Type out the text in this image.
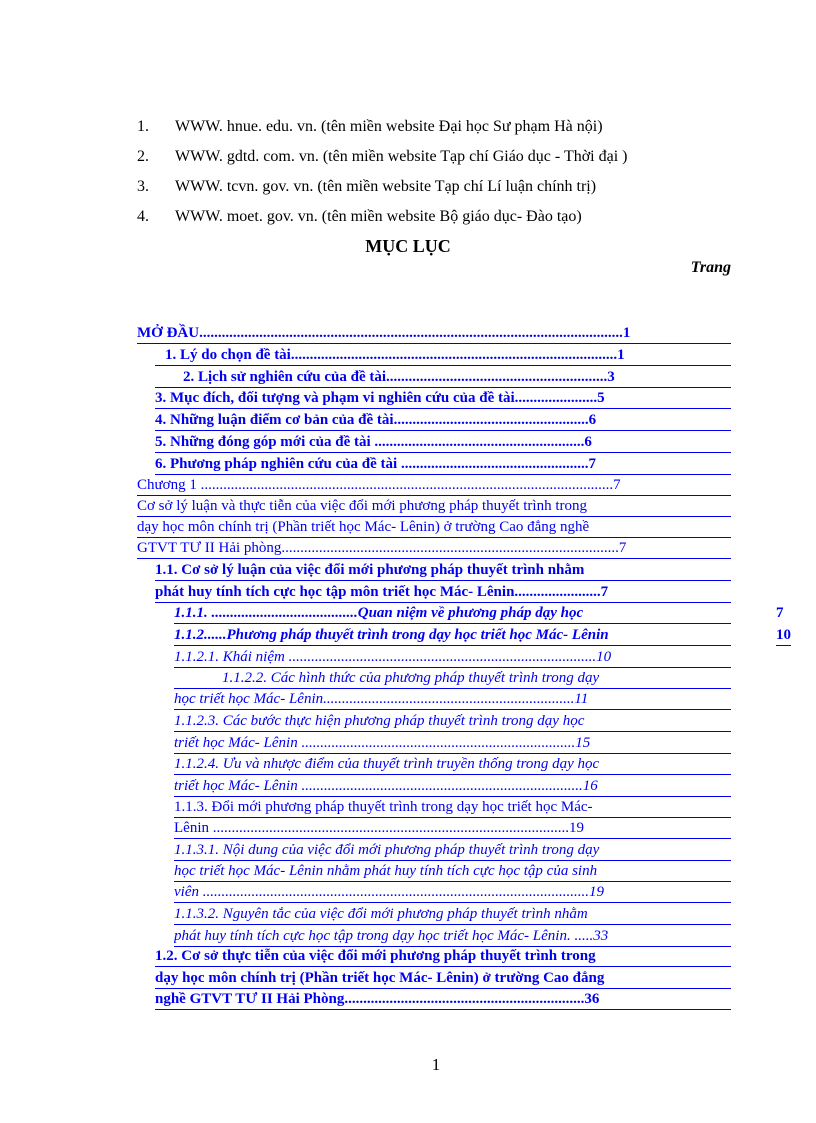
1.	WWW. hnue. edu. vn. (tên miền website Đại học Sư phạm Hà nội)
2.	WWW. gdtd. com. vn. (tên miền website Tạp chí Giáo dục - Thời đại )
3.	WWW. tcvn. gov. vn. (tên miền website Tạp chí Lí luận chính trị)
4.	WWW. moet. gov. vn. (tên miền website Bộ giáo dục- Đào tạo)
MỤC LỤC
Trang
MỞ ĐẦU.................................................................................................................1
1. Lý do chọn đề tài.......................................................................................1
2. Lịch sử nghiên cứu của đề tài...........................................................3
3. Mục đích, đối tượng và phạm vi nghiên cứu của đề tài......................5
4. Những luận điểm cơ bản của đề tài....................................................6
5. Những đóng góp mới của đề tài ........................................................6
6. Phương pháp nghiên cứu của đề tài ..................................................7
Chương 1 ..............................................................................................................7
Cơ sở lý luận và thực tiễn của việc đổi mới phương pháp thuyết trình trong
dạy học môn chính trị (Phần triết học Mác- Lênin) ở trường Cao đẳng nghề
GTVT TƯ II Hải phòng..........................................................................................7
1.1. Cơ sở lý luận của việc đổi mới phương pháp thuyết trình nhằm
phát huy tính tích cực học tập môn triết học Mác- Lênin.......................7
1.1.1. .......................................Quan niệm về phương pháp dạy học	7
1.1.2......Phương pháp thuyết trình trong dạy học triết học Mác- Lênin	10
1.1.2.1. Khái niệm ..................................................................................10
1.1.2.2. Các hình thức của phương pháp thuyết trình trong dạy
học triết học Mác- Lênin...................................................................11
1.1.2.3. Các bước thực hiện phương pháp thuyết trình trong dạy học
triết học Mác- Lênin .........................................................................15
1.1.2.4. Ưu và nhược điểm của thuyết trình truyền thống trong dạy học
triết học Mác- Lênin ...........................................................................16
1.1.3. Đổi mới phương pháp thuyết trình trong dạy học triết học Mác-
Lênin ...............................................................................................19
1.1.3.1. Nội dung của việc đổi mới phương pháp thuyết trình trong dạy
học triết học Mác- Lênin nhằm phát huy tính tích cực học tập của sinh
viên .......................................................................................................19
1.1.3.2. Nguyên tắc của việc đổi mới phương pháp thuyết trình nhằm
phát huy tính tích cực học tập trong dạy học triết học Mác- Lênin. .....33
1.2. Cơ sở thực tiễn của việc đổi mới phương pháp thuyết trình trong
dạy học môn chính trị (Phần triết học Mác- Lênin) ở trường Cao đẳng
nghề GTVT TƯ II Hải Phòng................................................................36
1
